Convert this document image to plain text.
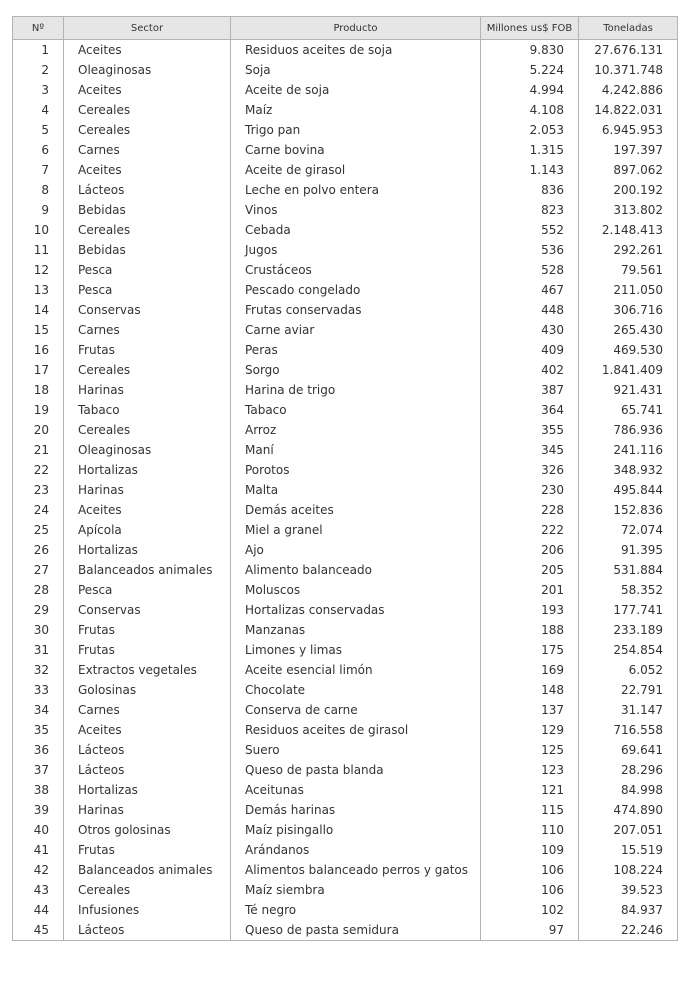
Nº	Sector	Producto	Millones us$ FOB	Toneladas
1	Aceites	Residuos aceites de soja	9.830	27.676.131
2	Oleaginosas	Soja	5.224	10.371.748
3	Aceites	Aceite de soja	4.994	4.242.886
4	Cereales	Maíz	4.108	14.822.031
5	Cereales	Trigo pan	2.053	6.945.953
6	Carnes	Carne bovina	1.315	197.397
7	Aceites	Aceite de girasol	1.143	897.062
8	Lácteos	Leche en polvo entera	836	200.192
9	Bebidas	Vinos	823	313.802
10	Cereales	Cebada	552	2.148.413
11	Bebidas	Jugos	536	292.261
12	Pesca	Crustáceos	528	79.561
13	Pesca	Pescado congelado	467	211.050
14	Conservas	Frutas conservadas	448	306.716
15	Carnes	Carne aviar	430	265.430
16	Frutas	Peras	409	469.530
17	Cereales	Sorgo	402	1.841.409
18	Harinas	Harina de trigo	387	921.431
19	Tabaco	Tabaco	364	65.741
20	Cereales	Arroz	355	786.936
21	Oleaginosas	Maní	345	241.116
22	Hortalizas	Porotos	326	348.932
23	Harinas	Malta	230	495.844
24	Aceites	Demás aceites	228	152.836
25	Apícola	Miel a granel	222	72.074
26	Hortalizas	Ajo	206	91.395
27	Balanceados animales	Alimento balanceado	205	531.884
28	Pesca	Moluscos	201	58.352
29	Conservas	Hortalizas conservadas	193	177.741
30	Frutas	Manzanas	188	233.189
31	Frutas	Limones y limas	175	254.854
32	Extractos vegetales	Aceite esencial limón	169	6.052
33	Golosinas	Chocolate	148	22.791
34	Carnes	Conserva de carne	137	31.147
35	Aceites	Residuos aceites de girasol	129	716.558
36	Lácteos	Suero	125	69.641
37	Lácteos	Queso de pasta blanda	123	28.296
38	Hortalizas	Aceitunas	121	84.998
39	Harinas	Demás harinas	115	474.890
40	Otros golosinas	Maíz pisingallo	110	207.051
41	Frutas	Arándanos	109	15.519
42	Balanceados animales	Alimentos balanceado perros y gatos	106	108.224
43	Cereales	Maíz siembra	106	39.523
44	Infusiones	Té negro	102	84.937
45	Lácteos	Queso de pasta semidura	97	22.246
